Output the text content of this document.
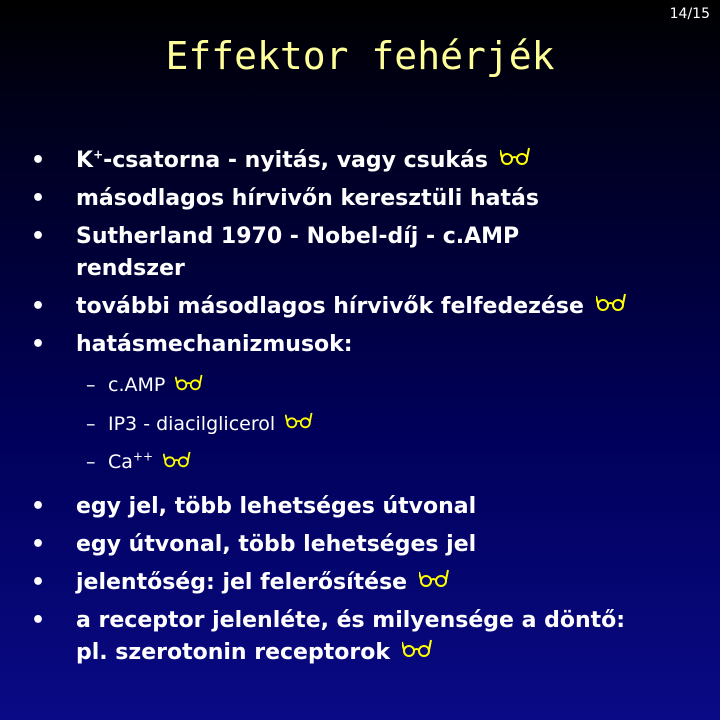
14/15
Effektor fehérjék
• K+-csatorna - nyitás, vagy csukás
• másodlagos hírvivőn keresztüli hatás
• Sutherland 1970 - Nobel-díj - c.AMP rendszer
• további másodlagos hírvivők felfedezése
• hatásmechanizmusok:
– c.AMP
– IP3 - diacilglicerol
– Ca++
• egy jel, több lehetséges útvonal
• egy útvonal, több lehetséges jel
• jelentőség: jel felerősítése
• a receptor jelenléte, és milyensége a döntő: pl. szerotonin receptorok
